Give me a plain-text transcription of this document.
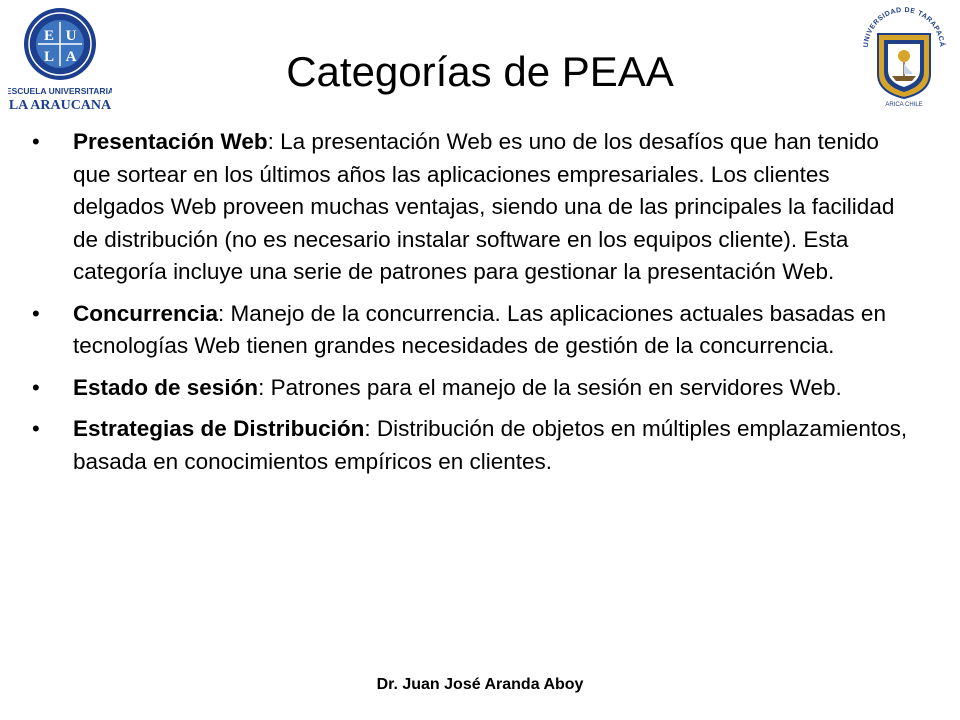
E U
L A
ESCUELA UNIVERSITARIA
LA ARAUCANA
UNIVERSIDAD DE TARAPACÁ
ARICA CHILE
Categorías de PEAA
• Presentación Web: La presentación Web es uno de los desafíos que han tenido que sortear en los últimos años las aplicaciones empresariales. Los clientes delgados Web proveen muchas ventajas, siendo una de las principales la facilidad de distribución (no es necesario instalar software en los equipos cliente). Esta categoría incluye una serie de patrones para gestionar la presentación Web.
• Concurrencia: Manejo de la concurrencia. Las aplicaciones actuales basadas en tecnologías Web tienen grandes necesidades de gestión de la concurrencia.
• Estado de sesión: Patrones para el manejo de la sesión en servidores Web.
• Estrategias de Distribución: Distribución de objetos en múltiples emplazamientos, basada en conocimientos empíricos en clientes.
Dr. Juan José Aranda Aboy
